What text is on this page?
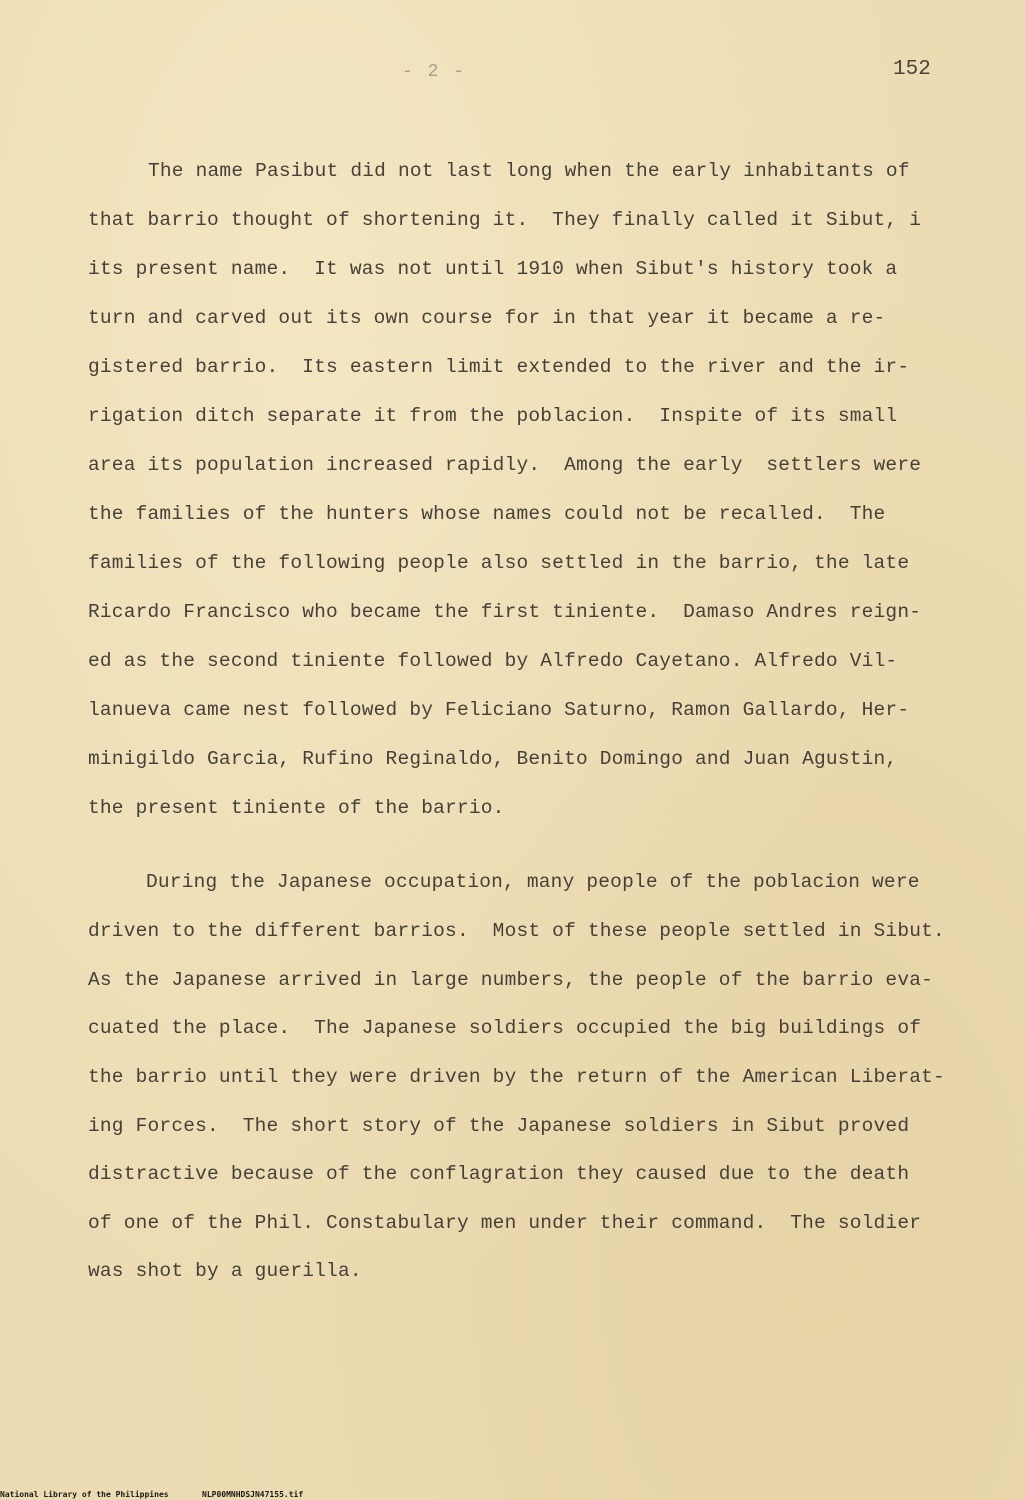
- 2 -	152
The name Pasibut did not last long when the early inhabitants of
that barrio thought of shortening it.  They finally called it Sibut, i
its present name.  It was not until 1910 when Sibut's history took a
turn and carved out its own course for in that year it became a re-
gistered barrio.  Its eastern limit extended to the river and the ir-
rigation ditch separate it from the poblacion.  Inspite of its small
area its population increased rapidly.  Among the early  settlers were
the families of the hunters whose names could not be recalled.  The
families of the following people also settled in the barrio, the late
Ricardo Francisco who became the first tiniente.  Damaso Andres reign-
ed as the second tiniente followed by Alfredo Cayetano. Alfredo Vil-
lanueva came nest followed by Feliciano Saturno, Ramon Gallardo, Her-
minigildo Garcia, Rufino Reginaldo, Benito Domingo and Juan Agustin,
the present tiniente of the barrio.
During the Japanese occupation, many people of the poblacion were
driven to the different barrios.  Most of these people settled in Sibut.
As the Japanese arrived in large numbers, the people of the barrio eva-
cuated the place.  The Japanese soldiers occupied the big buildings of
the barrio until they were driven by the return of the American Liberat-
ing Forces.  The short story of the Japanese soldiers in Sibut proved
distractive because of the conflagration they caused due to the death
of one of the Phil. Constabulary men under their command.  The soldier
was shot by a guerilla.
National Library of the Philippines	NLP00MNHDSJN47155.tif
